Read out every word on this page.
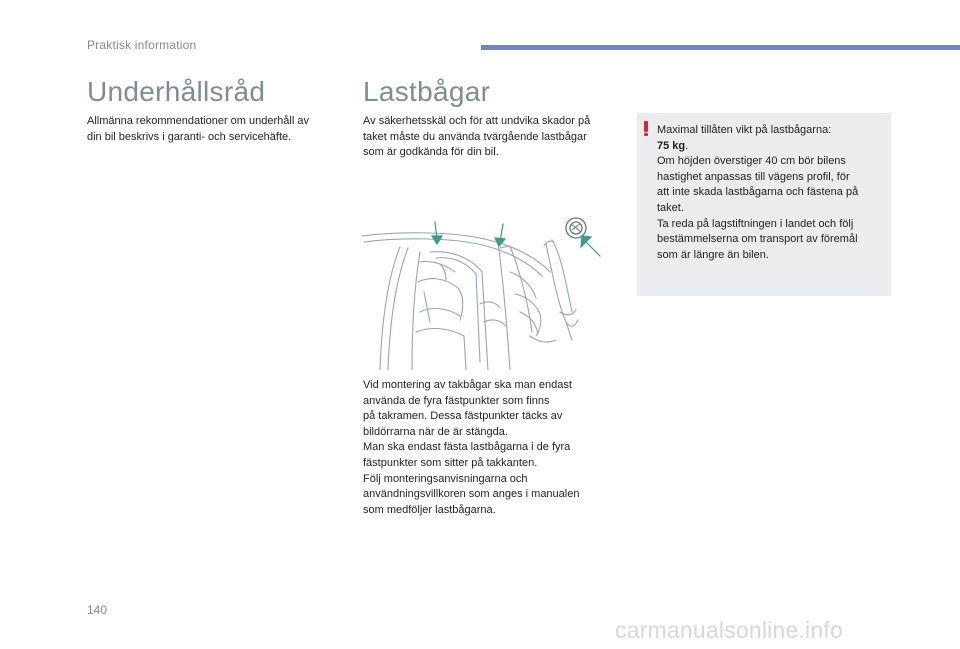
Praktisk information
Underhållsråd

Allmänna rekommendationer om underhåll av
din bil beskrivs i garanti- och servicehäfte.

Lastbågar

Av säkerhetsskäl och för att undvika skador på
taket måste du använda tvärgående lastbågar
som är godkända för din bil.

Vid montering av takbågar ska man endast
använda de fyra fästpunkter som finns
på takramen. Dessa fästpunkter täcks av
bildörrarna när de är stängda.
Man ska endast fästa lastbågarna i de fyra
fästpunkter som sitter på takkanten.
Följ monteringsanvisningarna och
användningsvillkoren som anges i manualen
som medföljer lastbågarna.

Maximal tillåten vikt på lastbågarna:
75 kg.
Om höjden överstiger 40 cm bör bilens
hastighet anpassas till vägens profil, för
att inte skada lastbågarna och fästena på
taket.
Ta reda på lagstiftningen i landet och följ
bestämmelserna om transport av föremål
som är längre än bilen.

140
carmanualsonline.info
